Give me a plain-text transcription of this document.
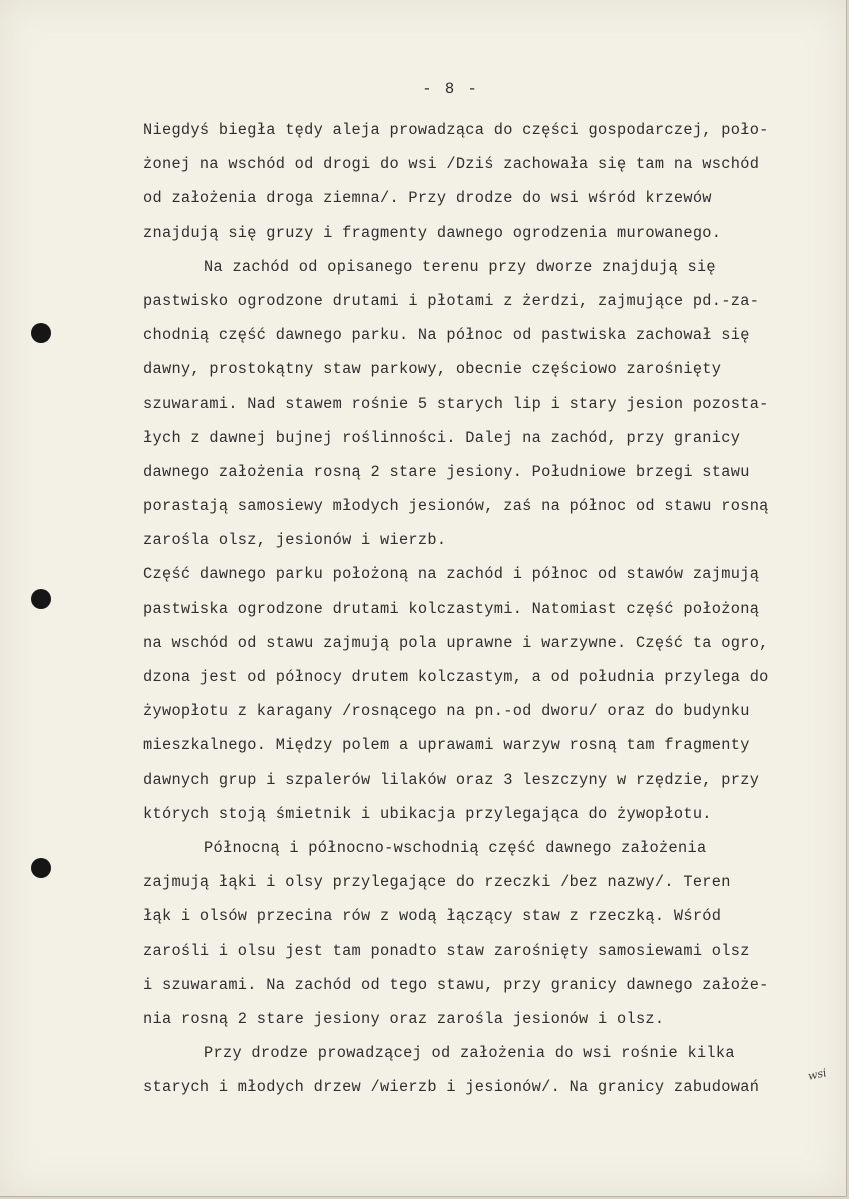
- 8 -
Niegdyś biegła tędy aleja prowadząca do części gospodarczej, poło-
żonej na wschód od drogi do wsi /Dziś zachowała się tam na wschód
od założenia droga ziemna/. Przy drodze do wsi wśród krzewów
znajdują się gruzy i fragmenty dawnego ogrodzenia murowanego.
Na zachód od opisanego terenu przy dworze znajdują się
pastwisko ogrodzone drutami i płotami z żerdzi, zajmujące pd.-za-
chodnią część dawnego parku. Na północ od pastwiska zachował się
dawny, prostokątny staw parkowy, obecnie częściowo zarośnięty
szuwarami. Nad stawem rośnie 5 starych lip i stary jesion pozosta-
łych z dawnej bujnej roślinności. Dalej na zachód, przy granicy
dawnego założenia rosną 2 stare jesiony. Południowe brzegi stawu
porastają samosiewy młodych jesionów, zaś na północ od stawu rosną
zarośla olsz, jesionów i wierzb.
Część dawnego parku położoną na zachód i północ od stawów zajmują
pastwiska ogrodzone drutami kolczastymi. Natomiast część położoną
na wschód od stawu zajmują pola uprawne i warzywne. Część ta ogro,
dzona jest od północy drutem kolczastym, a od południa przylega do
żywopłotu z karagany /rosnącego na pn.-od dworu/ oraz do budynku
mieszkalnego. Między polem a uprawami warzyw rosną tam fragmenty
dawnych grup i szpalerów lilaków oraz 3 leszczyny w rzędzie, przy
których stoją śmietnik i ubikacja przylegająca do żywopłotu.
Północną i północno-wschodnią część dawnego założenia
zajmują łąki i olsy przylegające do rzeczki /bez nazwy/. Teren
łąk i olsów przecina rów z wodą łączący staw z rzeczką. Wśród
zarośli i olsu jest tam ponadto staw zarośnięty samosiewami olsz
i szuwarami. Na zachód od tego stawu, przy granicy dawnego założe-
nia rosną 2 stare jesiony oraz zarośla jesionów i olsz.
Przy drodze prowadzącej od założenia do wsi rośnie kilka
starych i młodych drzew /wierzb i jesionów/. Na granicy zabudowań
wsi
